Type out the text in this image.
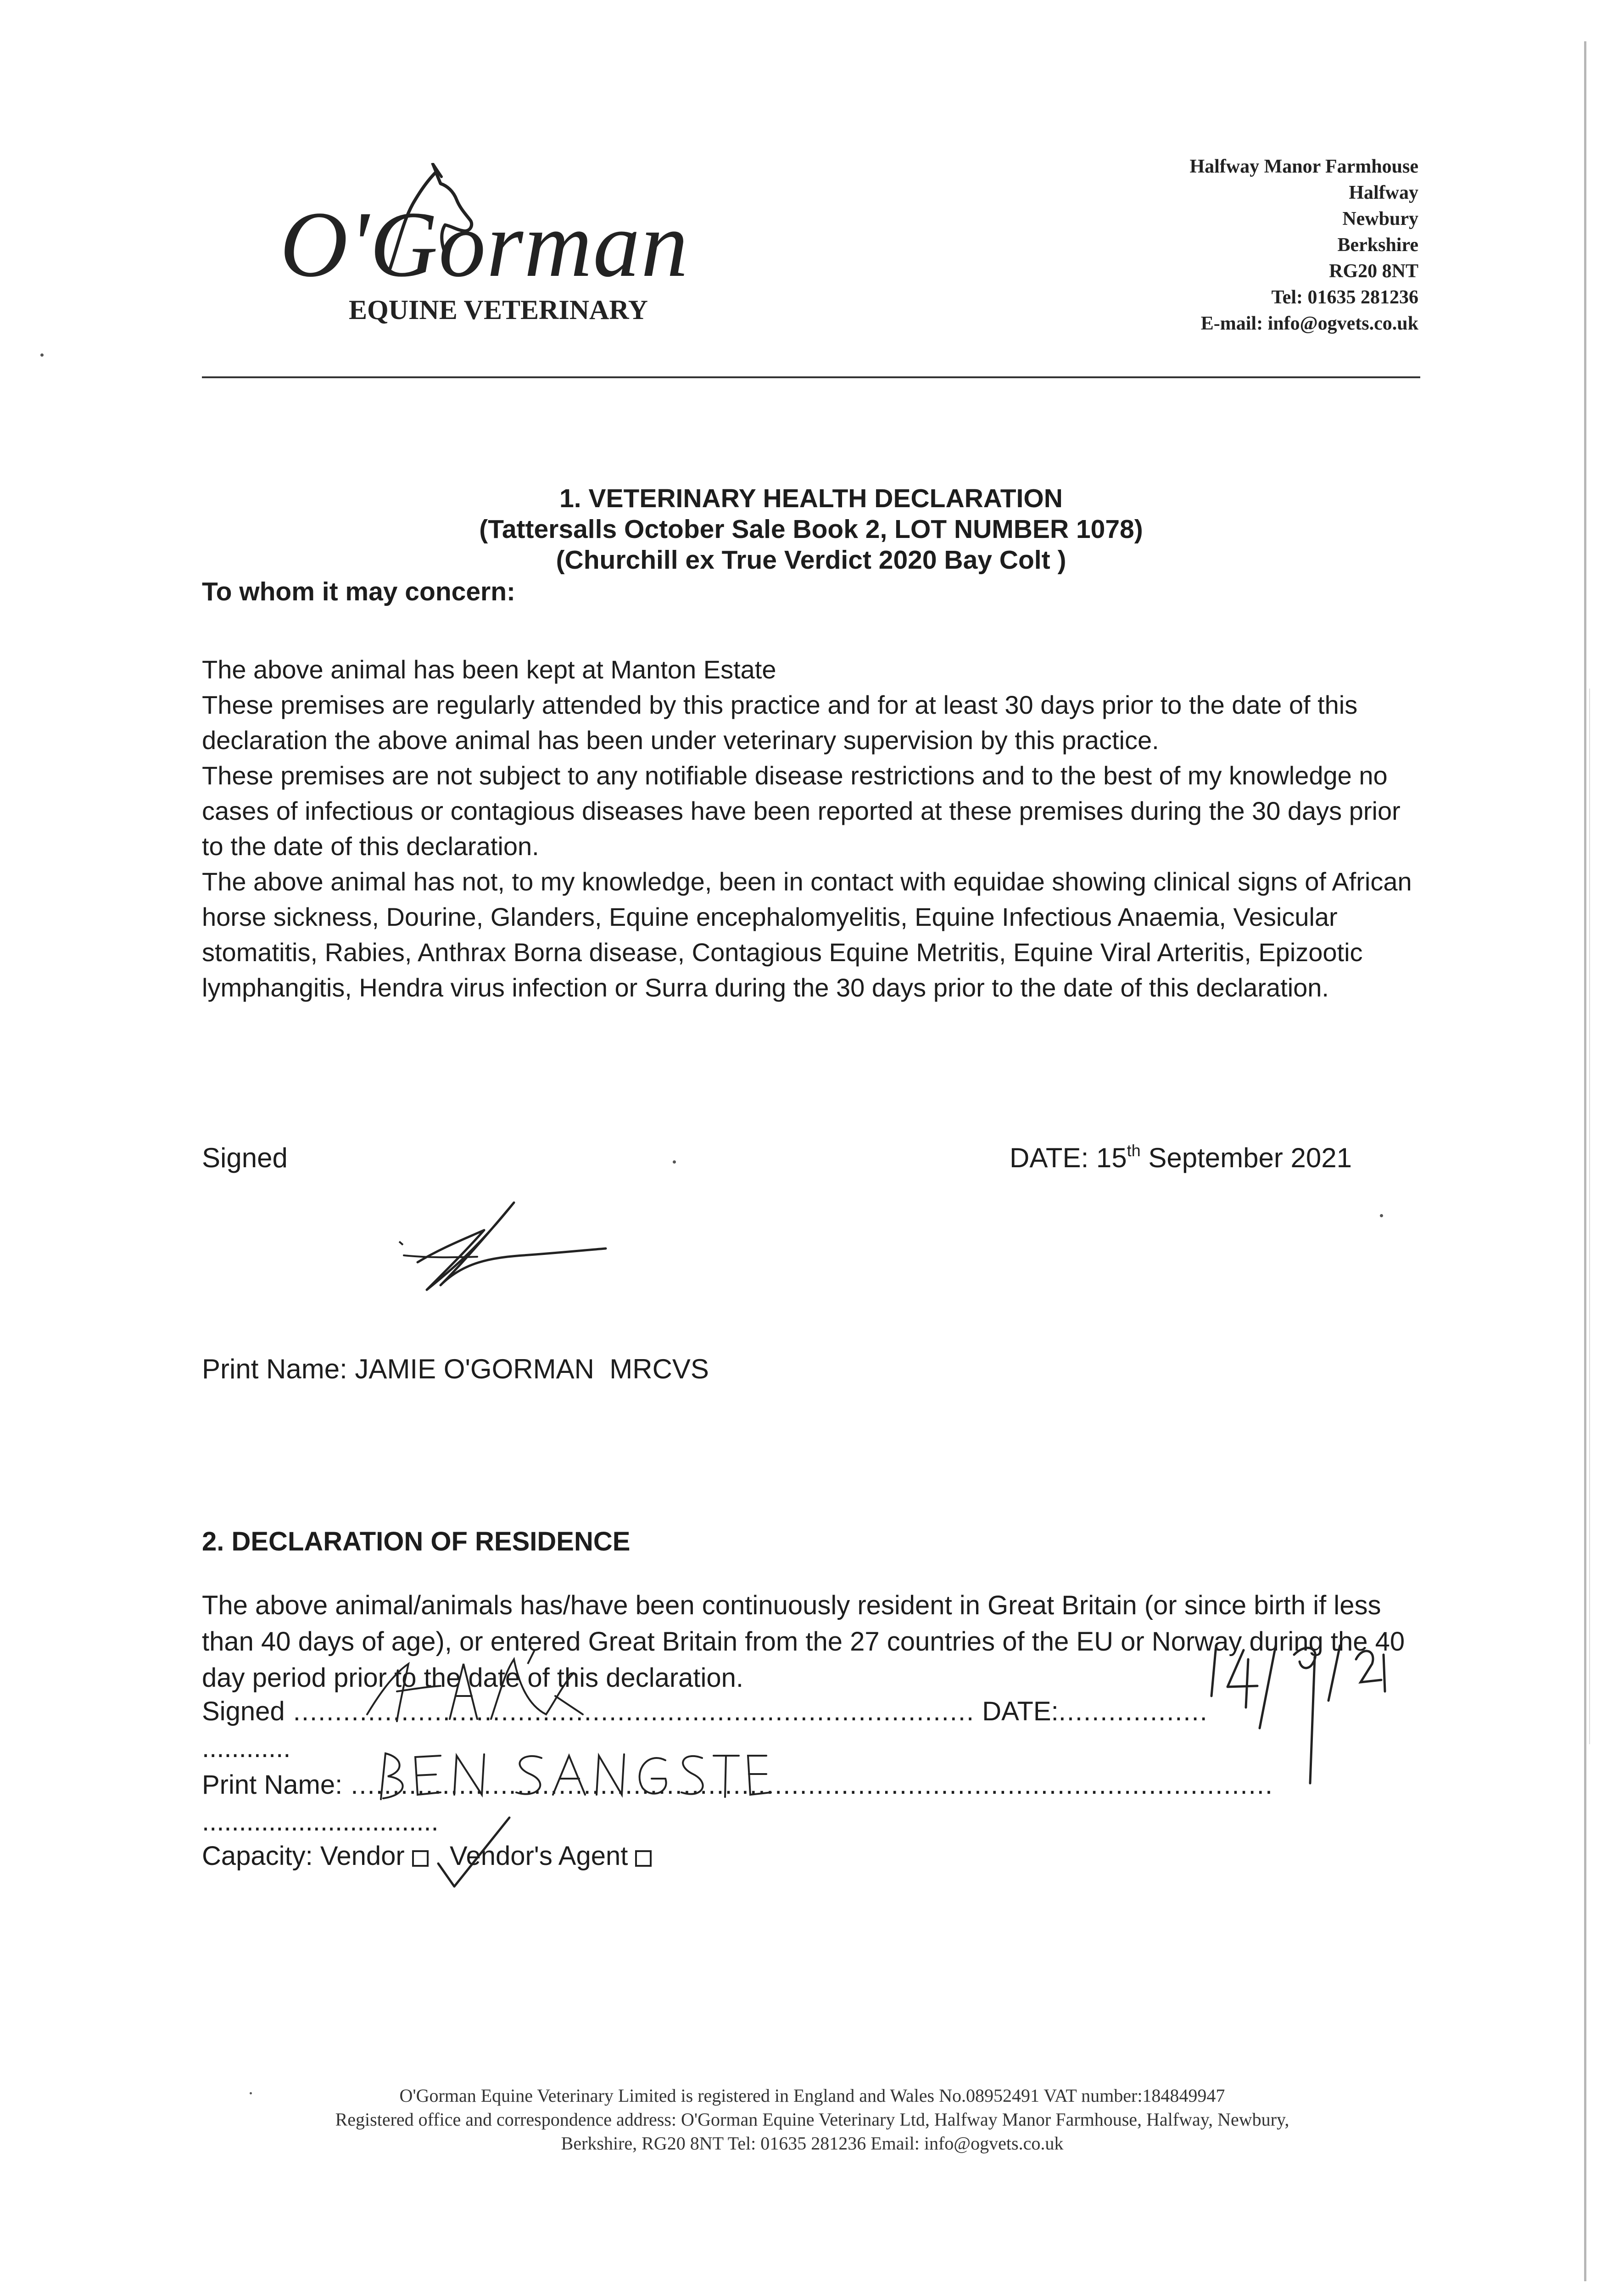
O'Gorman
EQUINE VETERINARY
Halfway Manor Farmhouse
Halfway
Newbury
Berkshire
RG20 8NT
Tel: 01635 281236
E-mail: info@ogvets.co.uk
1. VETERINARY HEALTH DECLARATION
(Tattersalls October Sale Book 2, LOT NUMBER 1078)
(Churchill ex True Verdict 2020 Bay Colt )
To whom it may concern:

The above animal has been kept at Manton Estate

These premises are regularly attended by this practice and for at least 30 days prior to the date of this declaration the above animal has been under veterinary supervision by this practice.

These premises are not subject to any notifiable disease restrictions and to the best of my knowledge no cases of infectious or contagious diseases have been reported at these premises during the 30 days prior to the date of this declaration.

The above animal has not, to my knowledge, been in contact with equidae showing clinical signs of African horse sickness, Dourine, Glanders, Equine encephalomyelitis, Equine Infectious Anaemia, Vesicular stomatitis, Rabies, Anthrax Borna disease, Contagious Equine Metritis, Equine Viral Arteritis, Epizootic lymphangitis, Hendra virus infection or Surra during the 30 days prior to the date of this declaration.

Signed	DATE: 15th September 2021
Print Name: JAMIE O'GORMAN  MRCVS
2. DECLARATION OF RESIDENCE

The above animal/animals has/have been continuously resident in Great Britain (or since birth if less than 40 days of age), or entered Great Britain from the 27 countries of the EU or Norway during the 40 day period prior to the date of this declaration.

Signed .................................................................................. DATE:..................
............
Print Name: ...............................................................................................................
................................
Capacity: Vendor Vendor's Agent
O'Gorman Equine Veterinary Limited is registered in England and Wales No.08952491 VAT number:184849947
Registered office and correspondence address: O'Gorman Equine Veterinary Ltd, Halfway Manor Farmhouse, Halfway, Newbury,
Berkshire, RG20 8NT Tel: 01635 281236 Email: info@ogvets.co.uk
